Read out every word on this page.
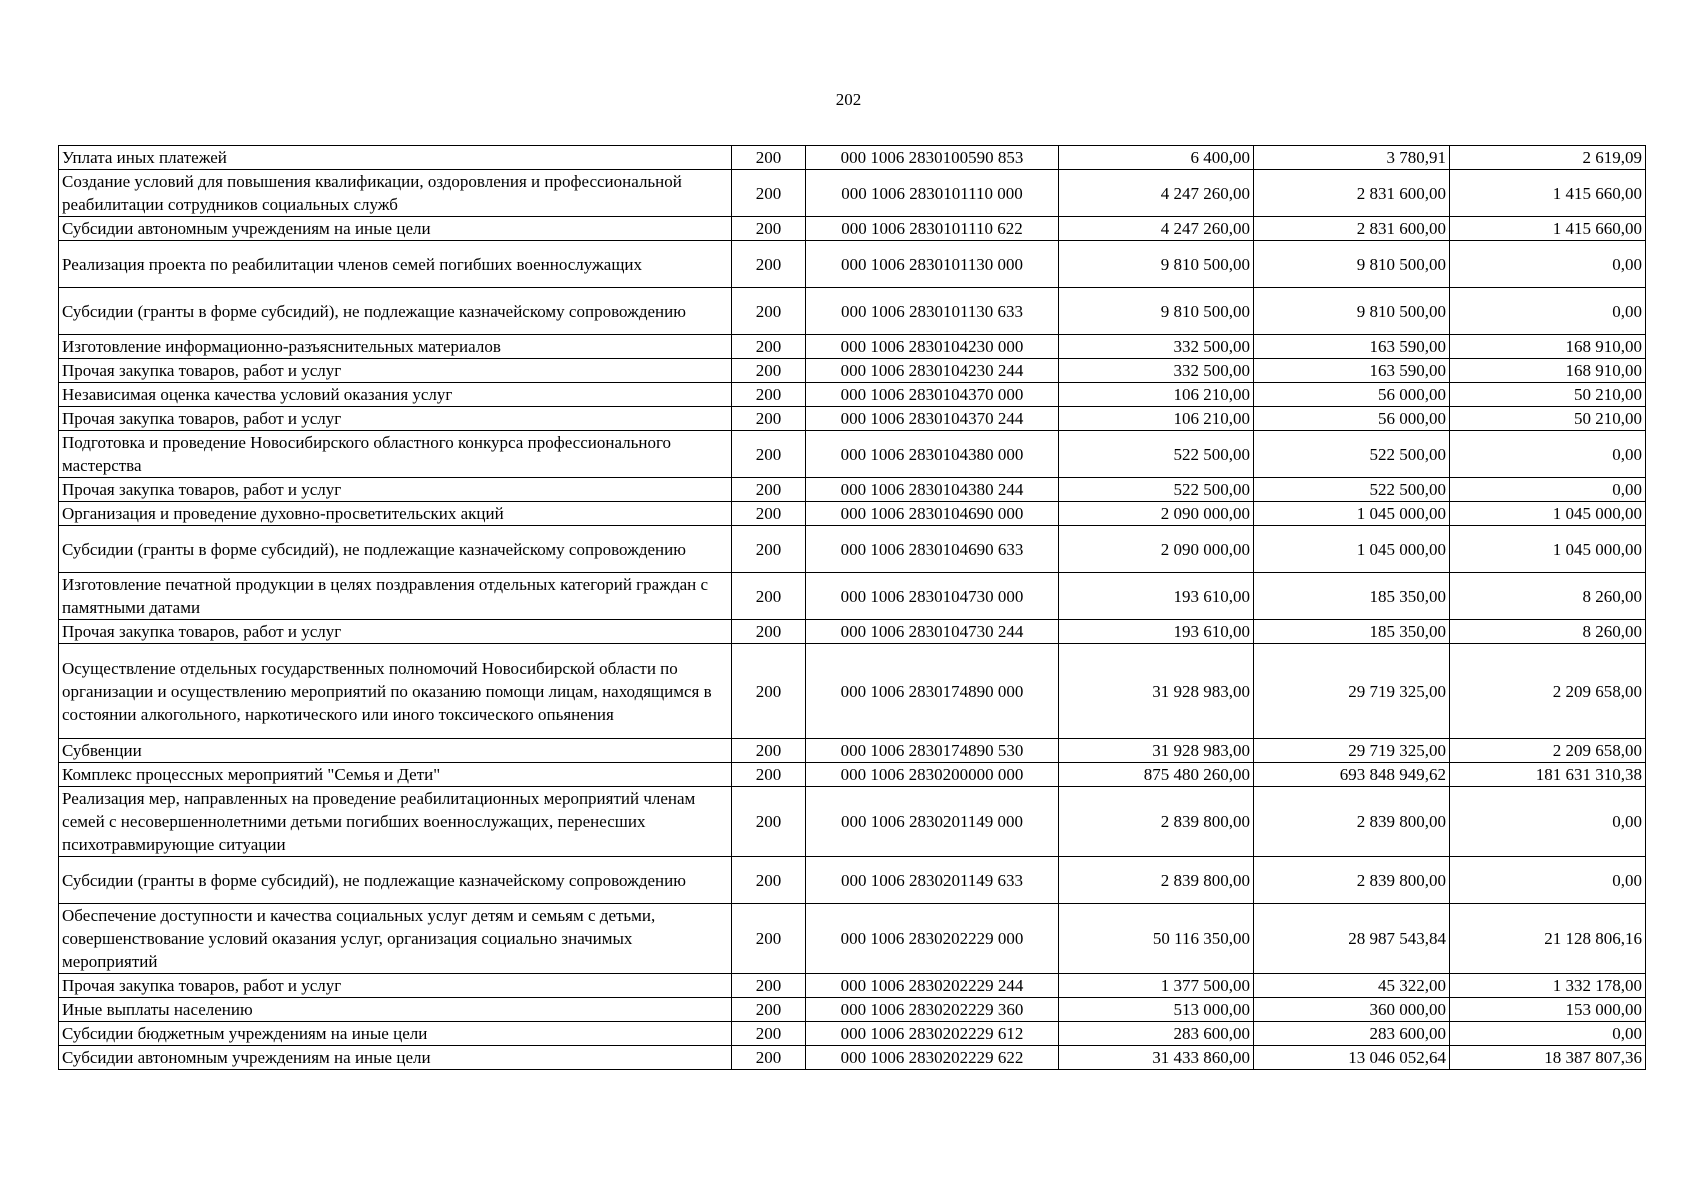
202
Уплата иных платежей	200	000 1006 2830100590 853	6 400,00	3 780,91	2 619,09
Создание условий для повышения квалификации, оздоровления и профессиональной реабилитации сотрудников социальных служб	200	000 1006 2830101110 000	4 247 260,00	2 831 600,00	1 415 660,00
Субсидии автономным учреждениям на иные цели	200	000 1006 2830101110 622	4 247 260,00	2 831 600,00	1 415 660,00
Реализация проекта по реабилитации членов семей погибших военнослужащих	200	000 1006 2830101130 000	9 810 500,00	9 810 500,00	0,00
Субсидии (гранты в форме субсидий), не подлежащие казначейскому сопровождению	200	000 1006 2830101130 633	9 810 500,00	9 810 500,00	0,00
Изготовление информационно-разъяснительных материалов	200	000 1006 2830104230 000	332 500,00	163 590,00	168 910,00
Прочая закупка товаров, работ и услуг	200	000 1006 2830104230 244	332 500,00	163 590,00	168 910,00
Независимая оценка качества условий оказания услуг	200	000 1006 2830104370 000	106 210,00	56 000,00	50 210,00
Прочая закупка товаров, работ и услуг	200	000 1006 2830104370 244	106 210,00	56 000,00	50 210,00
Подготовка и проведение Новосибирского областного конкурса профессионального мастерства	200	000 1006 2830104380 000	522 500,00	522 500,00	0,00
Прочая закупка товаров, работ и услуг	200	000 1006 2830104380 244	522 500,00	522 500,00	0,00
Организация и проведение духовно-просветительских акций	200	000 1006 2830104690 000	2 090 000,00	1 045 000,00	1 045 000,00
Субсидии (гранты в форме субсидий), не подлежащие казначейскому сопровождению	200	000 1006 2830104690 633	2 090 000,00	1 045 000,00	1 045 000,00
Изготовление печатной продукции в целях поздравления отдельных категорий граждан с памятными датами	200	000 1006 2830104730 000	193 610,00	185 350,00	8 260,00
Прочая закупка товаров, работ и услуг	200	000 1006 2830104730 244	193 610,00	185 350,00	8 260,00
Осуществление отдельных государственных полномочий Новосибирской области по организации и осуществлению мероприятий по оказанию помощи лицам, находящимся в состоянии алкогольного, наркотического или иного токсического опьянения	200	000 1006 2830174890 000	31 928 983,00	29 719 325,00	2 209 658,00
Субвенции	200	000 1006 2830174890 530	31 928 983,00	29 719 325,00	2 209 658,00
Комплекс процессных мероприятий "Семья и Дети"	200	000 1006 2830200000 000	875 480 260,00	693 848 949,62	181 631 310,38
Реализация мер, направленных на проведение реабилитационных мероприятий членам семей с несовершеннолетними детьми погибших военнослужащих, перенесших психотравмирующие ситуации	200	000 1006 2830201149 000	2 839 800,00	2 839 800,00	0,00
Субсидии (гранты в форме субсидий), не подлежащие казначейскому сопровождению	200	000 1006 2830201149 633	2 839 800,00	2 839 800,00	0,00
Обеспечение доступности и качества социальных услуг детям и семьям с детьми, совершенствование условий оказания услуг, организация социально значимых мероприятий	200	000 1006 2830202229 000	50 116 350,00	28 987 543,84	21 128 806,16
Прочая закупка товаров, работ и услуг	200	000 1006 2830202229 244	1 377 500,00	45 322,00	1 332 178,00
Иные выплаты населению	200	000 1006 2830202229 360	513 000,00	360 000,00	153 000,00
Субсидии бюджетным учреждениям на иные цели	200	000 1006 2830202229 612	283 600,00	283 600,00	0,00
Субсидии автономным учреждениям на иные цели	200	000 1006 2830202229 622	31 433 860,00	13 046 052,64	18 387 807,36
